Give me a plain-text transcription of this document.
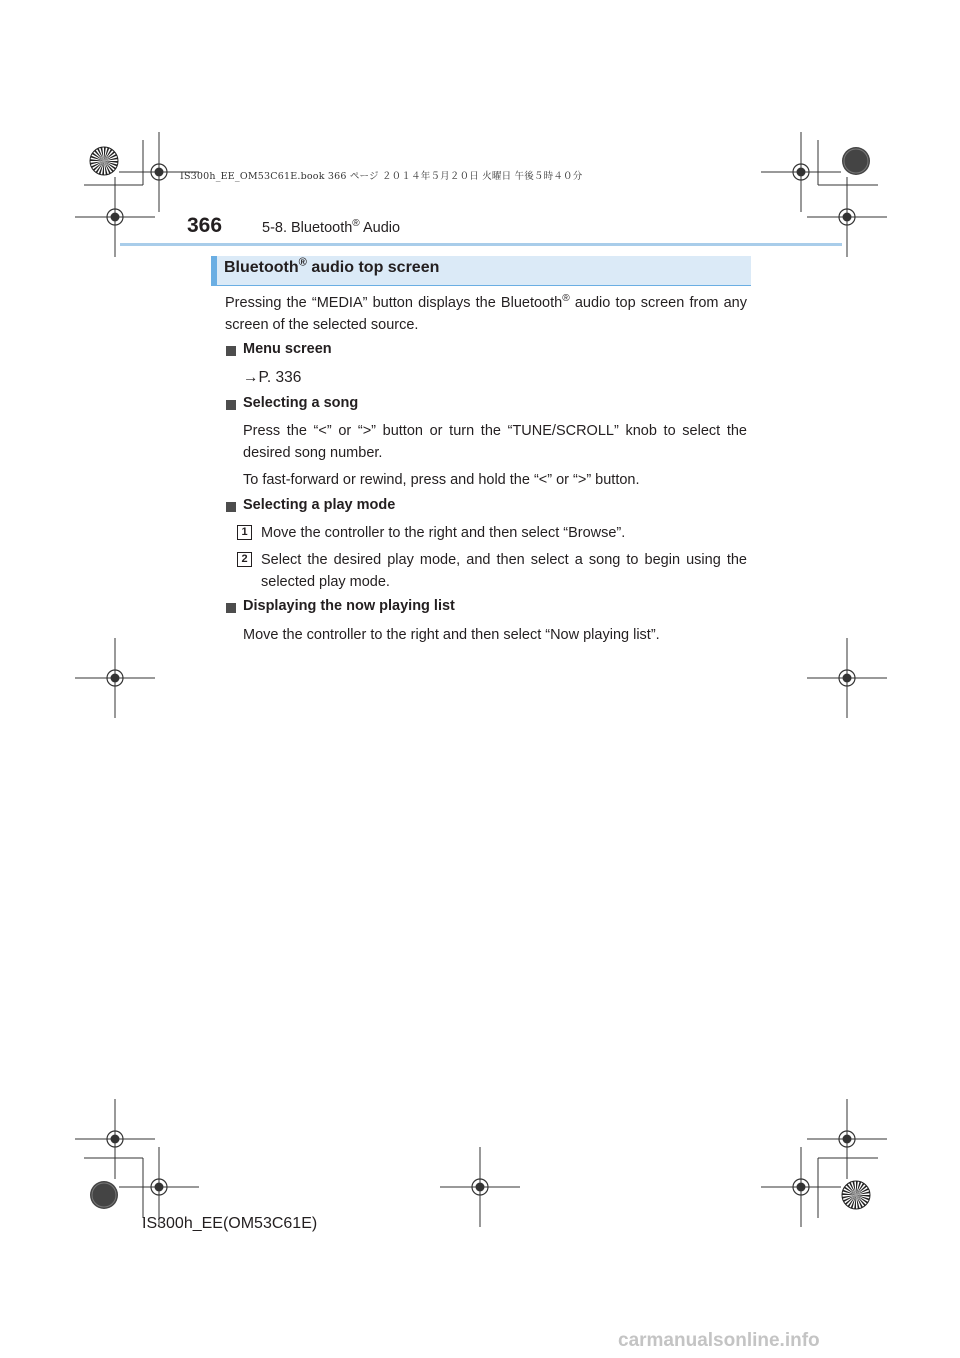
IS300h_EE_OM53C61E.book 366 ページ ２０１４年５月２０日 火曜日 午後５時４０分
366	5-8. Bluetooth® Audio
Bluetooth® audio top screen
Pressing the “MEDIA” button displays the Bluetooth® audio top screen from any
screen of the selected source.
Menu screen
→P. 336
Selecting a song
Press the “<” or “>” button or turn the “TUNE/SCROLL” knob to select the
desired song number.
To fast-forward or rewind, press and hold the “<” or “>” button.
Selecting a play mode
1 Move the controller to the right and then select “Browse”.
2 Select the desired play mode, and then select a song to begin using the
selected play mode.
Displaying the now playing list
Move the controller to the right and then select “Now playing list”.
IS300h_EE(OM53C61E)
carmanualsonline.info
